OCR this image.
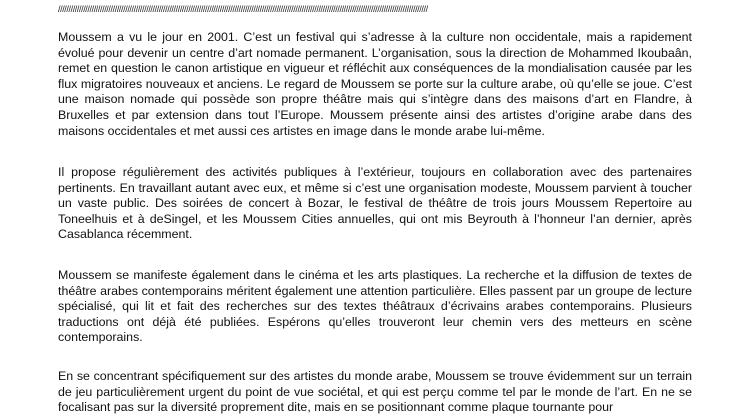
////////////////////////////////////////////////////////////////////////////////////////////////////////////////////////////////////////////////////////////////////////////////

Moussem a vu le jour en 2001. C’est un festival qui s’adresse à la culture non occidentale, mais a rapidement évolué pour devenir un centre d’art nomade permanent. L’organisation, sous la direction de Mohammed Ikoubaân, remet en question le canon artistique en vigueur et réfléchit aux conséquences de la mondialisation causée par les flux migratoires nouveaux et anciens. Le regard de Moussem se porte sur la culture arabe, où qu’elle se joue. C’est une maison nomade qui possède son propre théâtre mais qui s’intègre dans des maisons d’art en Flandre, à Bruxelles et par extension dans tout l’Europe. Moussem présente ainsi des artistes d’origine arabe dans des maisons occidentales et met aussi ces artistes en image dans le monde arabe lui-même.

Il propose régulièrement des activités publiques à l’extérieur, toujours en collaboration avec des partenaires pertinents. En travaillant autant avec eux, et même si c’est une organisation modeste, Moussem parvient à toucher un vaste public. Des soirées de concert à Bozar, le festival de théâtre de trois jours Moussem Repertoire au Toneelhuis et à deSingel, et les Moussem Cities annuelles, qui ont mis Beyrouth à l’honneur l’an dernier, après Casablanca récemment.

Moussem se manifeste également dans le cinéma et les arts plastiques. La recherche et la diffusion de textes de théâtre arabes contemporains méritent également une attention particulière. Elles passent par un groupe de lecture spécialisé, qui lit et fait des recherches sur des textes théâtraux d’écrivains arabes contemporains. Plusieurs traductions ont déjà été publiées. Espérons qu’elles trouveront leur chemin vers des metteurs en scène contemporains.

En se concentrant spécifiquement sur des artistes du monde arabe, Moussem se trouve évidemment sur un terrain de jeu particulièrement urgent du point de vue sociétal, et qui est perçu comme tel par le monde de l’art. En ne se focalisant pas sur la diversité proprement dite, mais en se positionnant comme plaque tournante pour
